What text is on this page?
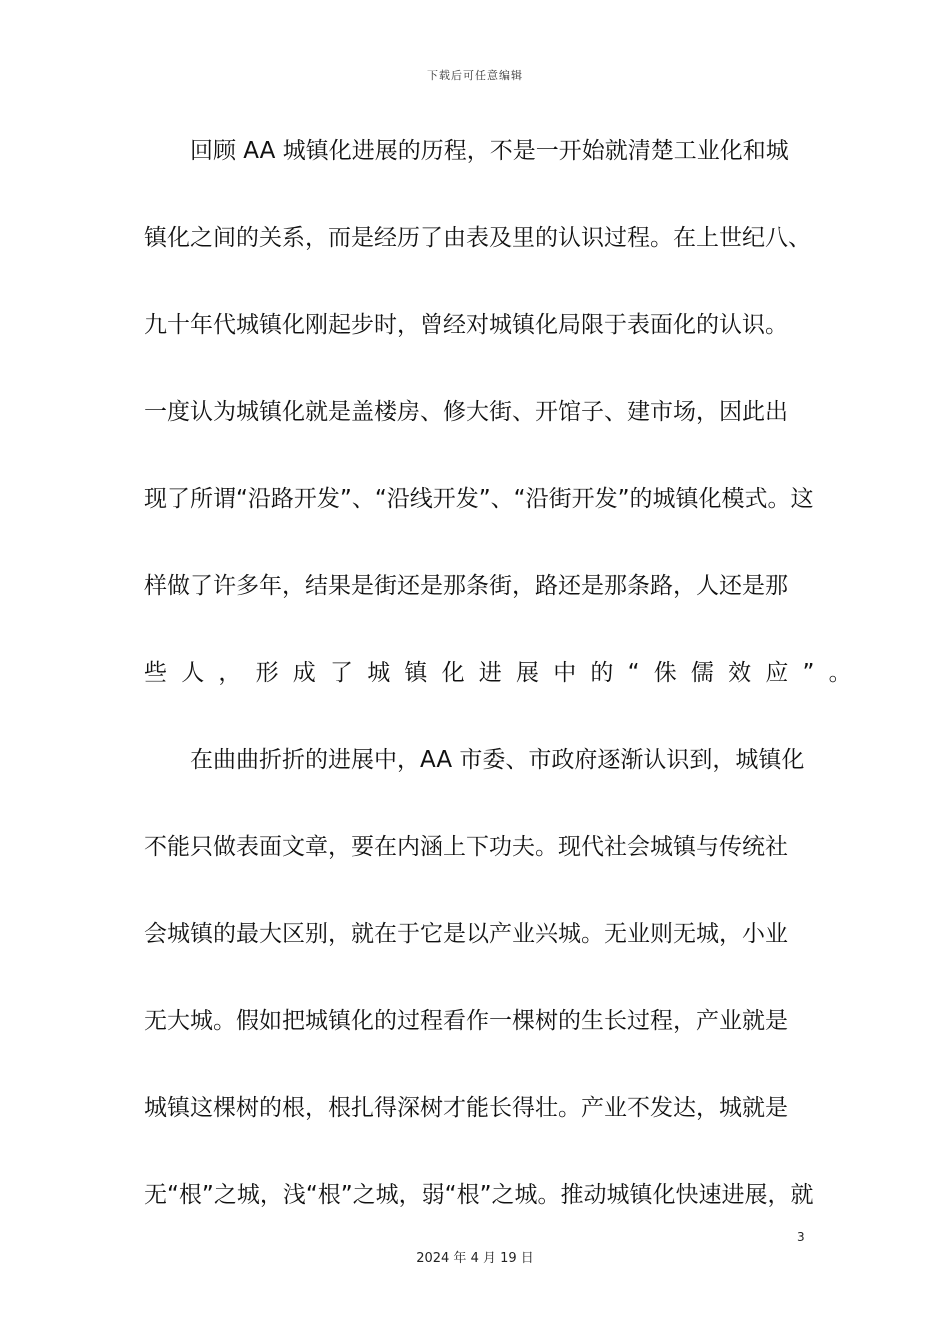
下载后可任意编辑
回顾 AA 城镇化进展的历程，不是一开始就清楚工业化和城
镇化之间的关系，而是经历了由表及里的认识过程。在上世纪八、
九十年代城镇化刚起步时，曾经对城镇化局限于表面化的认识。
一度认为城镇化就是盖楼房、修大街、开馆子、建市场，因此出
现了所谓“沿路开发”、“沿线开发”、“沿街开发”的城镇化模式。这
样做了许多年，结果是街还是那条街，路还是那条路，人还是那
些人，形成了城镇化进展中的“侏儒效应”。
在曲曲折折的进展中，AA 市委、市政府逐渐认识到，城镇化
不能只做表面文章，要在内涵上下功夫。现代社会城镇与传统社
会城镇的最大区别，就在于它是以产业兴城。无业则无城，小业
无大城。假如把城镇化的过程看作一棵树的生长过程，产业就是
城镇这棵树的根，根扎得深树才能长得壮。产业不发达，城就是
无“根”之城，浅“根”之城，弱“根”之城。推动城镇化快速进展，就
3
2024 年 4 月 19 日
